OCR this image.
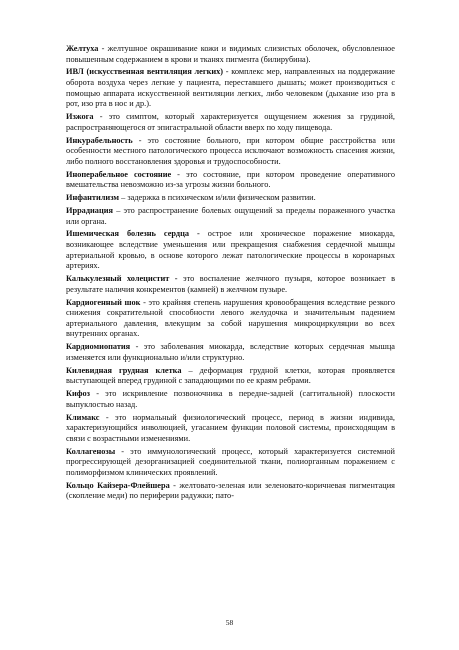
Желтуха - желтушное окрашивание кожи и видимых слизистых оболочек, обусловленное повышенным содержанием в крови и тканях пигмента (билирубина).

ИВЛ (искусственная вентиляция легких) - комплекс мер, направленных на поддержание оборота воздуха через легкие у пациента, переставшего дышать; может производиться с помощью аппарата искусственной вентиляции легких, либо человеком (дыхание изо рта в рот, изо рта в нос и др.).

Изжога - это симптом, который характеризуется ощущением жжения за грудиной, распространяющегося от эпигастральной области вверх по ходу пищевода.

Инкурабельность - это состояние больного, при котором общие расстройства или особенности местного патологического процесса исключают возможность спасения жизни, либо полного восстановления здоровья и трудоспособности.

Иноперабельное состояние - это состояние, при котором проведение оперативного вмешательства невозможно из-за угрозы жизни больного.

Инфантилизм – задержка в психическом и/или физическом развитии.

Иррадиация – это распространение болевых ощущений за пределы пораженного участка или органа.

Ишемическая болезнь сердца - острое или хроническое поражение миокарда, возникающее вследствие уменьшения или прекращения снабжения сердечной мышцы артериальной кровью, в основе которого лежат патологические процессы в коронарных артериях.

Калькулезный холецистит - это воспаление желчного пузыря, которое возникает в результате наличия конкрементов (камней) в желчном пузыре.

Кардиогенный шок - это крайняя степень нарушения кровообращения вследствие резкого снижения сократительной способности левого желудочка и значительным падением артериального давления, влекущим за собой нарушения микроциркуляции во всех внутренних органах.

Кардиомиопатия - это заболевания миокарда, вследствие которых сердечная мышца изменяется или функционально и/или структурно.

Килевидная грудная клетка – деформация грудной клетки, которая проявляется выступающей вперед грудиной с западающими по ее краям ребрами.

Кифоз - это искривление позвоночника в передне-задней (саггитальной) плоскости выпуклостью назад.

Климакс - это нормальный физиологический процесс, период в жизни индивида, характеризующийся инволюцией, угасанием функции половой системы, происходящим в связи с возрастными изменениями.

Коллагенозы - это иммунологический процесс, который характеризуется системной прогрессирующей дезорганизацией соединительной ткани, полиорганным поражением с полиморфизмом клинических проявлений.

Кольцо Кайзера-Флейшера - желтовато-зеленая или зеленовато-коричневая пигментация (скопление меди) по периферии радужки; пато-

58
